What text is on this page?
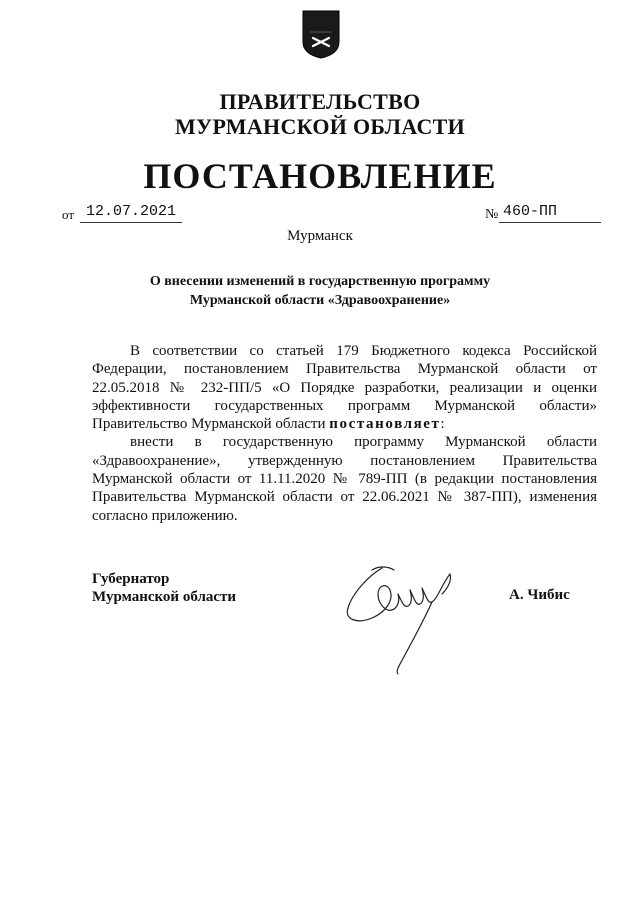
ПРАВИТЕЛЬСТВО
МУРМАНСКОЙ ОБЛАСТИ
ПОСТАНОВЛЕНИЕ
от 12.07.2021	№ 460-ПП
Мурманск
О внесении изменений в государственную программу
Мурманской области «Здравоохранение»

В соответствии со статьей 179 Бюджетного кодекса Российской Федерации, постановлением Правительства Мурманской области от 22.05.2018 № 232-ПП/5 «О Порядке разработки, реализации и оценки эффективности государственных программ Мурманской области» Правительство Мурманской области постановляет:

внести в государственную программу Мурманской области «Здравоохранение», утвержденную постановлением Правительства Мурманской области от 11.11.2020 № 789-ПП (в редакции постановления Правительства Мурманской области от 22.06.2021 № 387-ПП), изменения согласно приложению.

Губернатор
Мурманской области	А. Чибис
